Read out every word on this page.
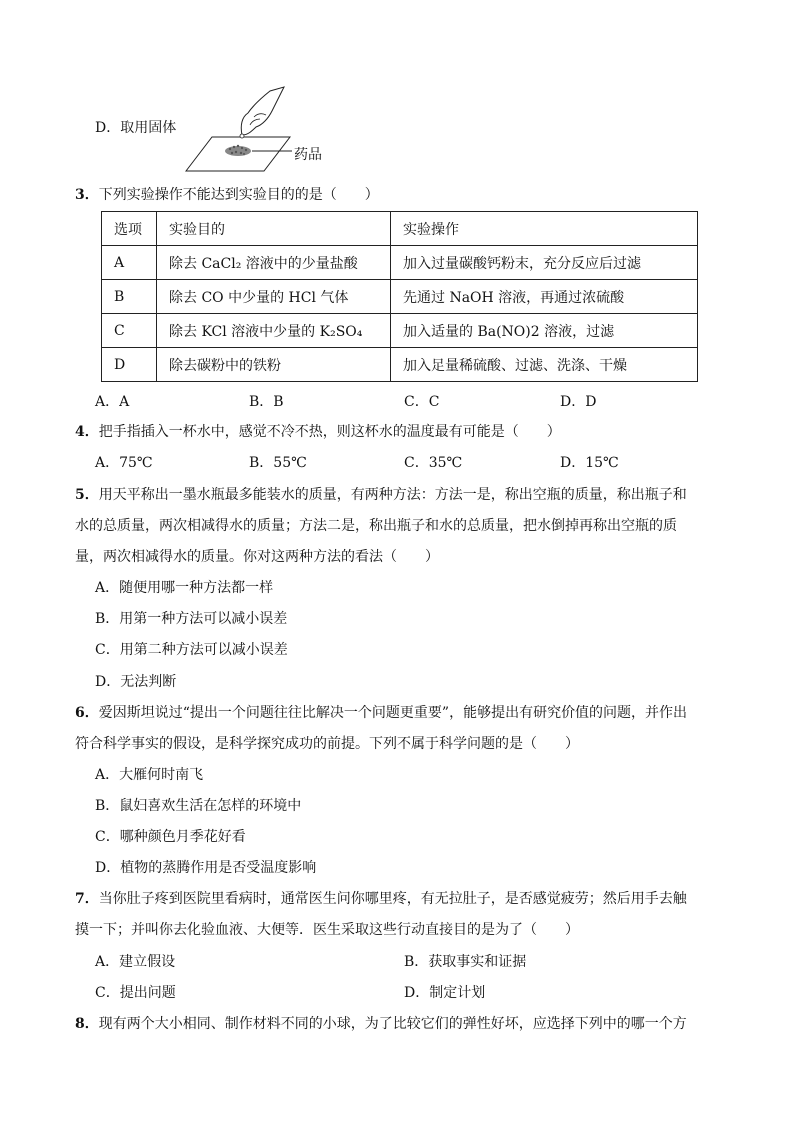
D．取用固体
药品
3．下列实验操作不能达到实验目的的是（　　）
选项	实验目的	实验操作
A	除去 CaCl₂ 溶液中的少量盐酸	加入过量碳酸钙粉末，充分反应后过滤
B	除去 CO 中少量的 HCl 气体	先通过 NaOH 溶液，再通过浓硫酸
C	除去 KCl 溶液中少量的 K₂SO₄	加入适量的 Ba(NO)2 溶液，过滤
D	除去碳粉中的铁粉	加入足量稀硫酸、过滤、洗涤、干燥
A．A	B．B	C．C	D．D
4．把手指插入一杯水中，感觉不冷不热，则这杯水的温度最有可能是（　　）
A．75℃	B．55℃	C．35℃	D．15℃
5．用天平称出一墨水瓶最多能装水的质量，有两种方法：方法一是，称出空瓶的质量，称出瓶子和
水的总质量，两次相减得水的质量；方法二是，称出瓶子和水的总质量，把水倒掉再称出空瓶的质
量，两次相减得水的质量。你对这两种方法的看法（　　）
A．随便用哪一种方法都一样
B．用第一种方法可以减小误差
C．用第二种方法可以减小误差
D．无法判断
6．爱因斯坦说过“提出一个问题往往比解决一个问题更重要”，能够提出有研究价值的问题，并作出
符合科学事实的假设，是科学探究成功的前提。下列不属于科学问题的是（　　）
A．大雁何时南飞
B．鼠妇喜欢生活在怎样的环境中
C．哪种颜色月季花好看
D．植物的蒸腾作用是否受温度影响
7．当你肚子疼到医院里看病时，通常医生问你哪里疼，有无拉肚子，是否感觉疲劳；然后用手去触
摸一下；并叫你去化验血液、大便等．医生采取这些行动直接目的是为了（　　）
A．建立假设	B．获取事实和证据
C．提出问题	D．制定计划
8．现有两个大小相同、制作材料不同的小球，为了比较它们的弹性好坏，应选择下列中的哪一个方
